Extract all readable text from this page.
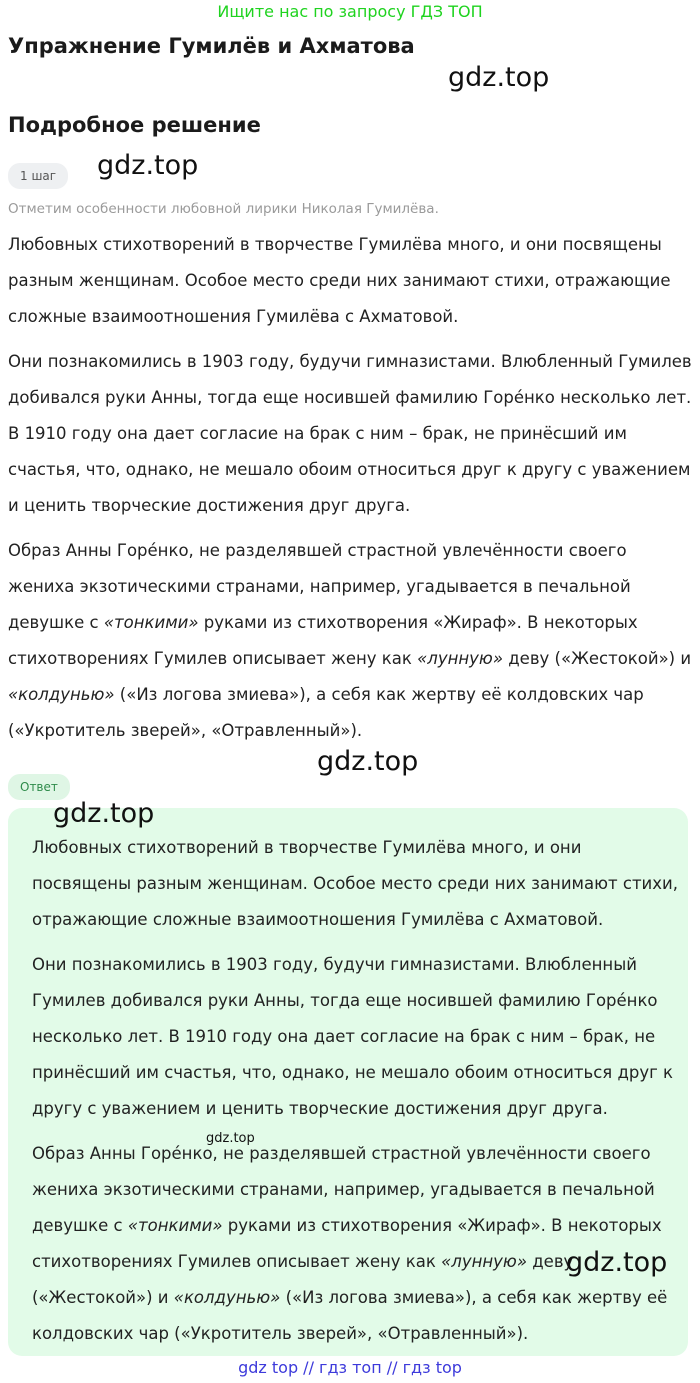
Ищите нас по запросу ГДЗ ТОП
Упражнение Гумилёв и Ахматова
gdz.top
Подробное решение
1 шаг	gdz.top
Отметим особенности любовной лирики Николая Гумилёва.

Любовных стихотворений в творчестве Гумилёва много, и они посвящены разным женщинам. Особое место среди них занимают стихи, отражающие сложные взаимоотношения Гумилёва с Ахматовой.

Они познакомились в 1903 году, будучи гимназистами. Влюбленный Гумилев добивался руки Анны, тогда еще носившей фамилию Горéнко несколько лет. В 1910 году она дает согласие на брак с ним – брак, не принёсший им счастья, что, однако, не мешало обоим относиться друг к другу с уважением и ценить творческие достижения друг друга.

Образ Анны Горéнко, не разделявшей страстной увлечённости своего жениха экзотическими странами, например, угадывается в печальной девушке с «тонкими» руками из стихотворения «Жираф». В некоторых стихотворениях Гумилев описывает жену как «лунную» деву («Жестокой») и «колдунью» («Из логова змиева»), а себя как жертву её колдовских чар («Укротитель зверей», «Отравленный»).

gdz.top
Ответ
gdz.top

Любовных стихотворений в творчестве Гумилёва много, и они посвящены разным женщинам. Особое место среди них занимают стихи, отражающие сложные взаимоотношения Гумилёва с Ахматовой.

Они познакомились в 1903 году, будучи гимназистами. Влюбленный Гумилев добивался руки Анны, тогда еще носившей фамилию Горéнко несколько лет. В 1910 году она дает согласие на брак с ним – брак, не принёсший им счастья, что, однако, не мешало обоим относиться друг к другу с уважением и ценить творческие достижения друг друга.

Образ Анны Горéнко, не разделявшей страстной увлечённости своего жениха экзотическими странами, например, угадывается в печальной девушке с «тонкими» руками из стихотворения «Жираф». В некоторых стихотворениях Гумилев описывает жену как «лунную» деву («Жестокой») и «колдунью» («Из логова змиева»), а себя как жертву её колдовских чар («Укротитель зверей», «Отравленный»).

gdz.top
gdz.top
gdz top // гдз топ // гдз top
